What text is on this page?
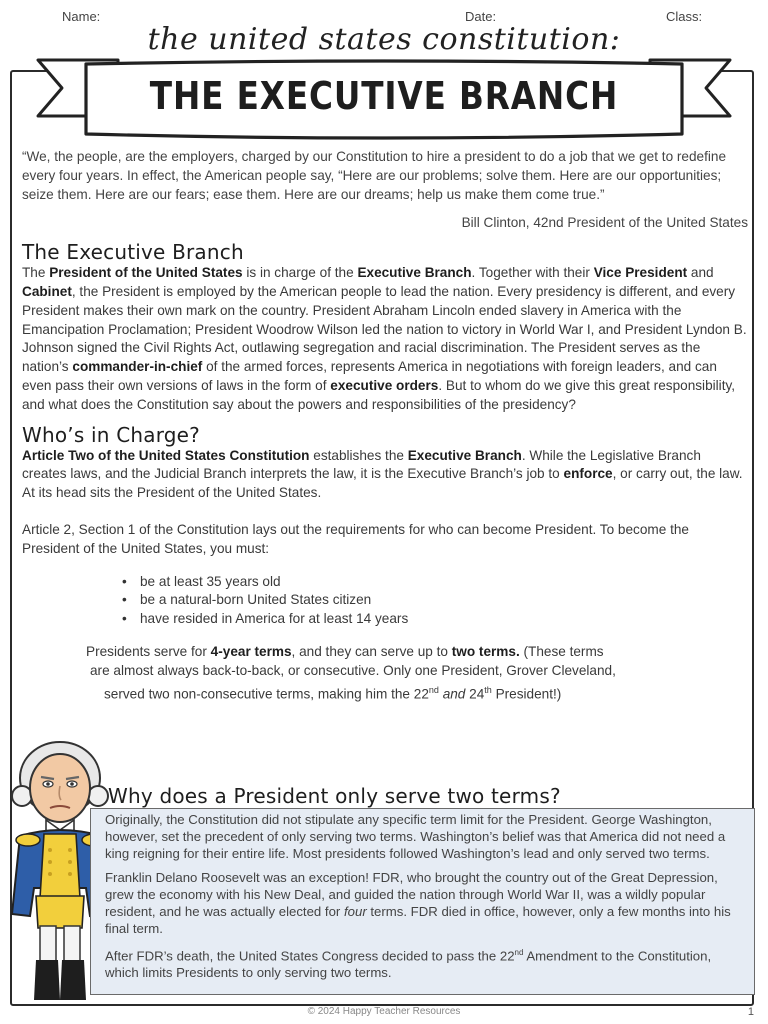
Name:	Date:	Class:
the united states constitution:
THE EXECUTIVE BRANCH

“We, the people, are the employers, charged by our Constitution to hire a president to do a job that we get to redefine every four years. In effect, the American people say, “Here are our problems; solve them. Here are our opportunities; seize them. Here are our fears; ease them. Here are our dreams; help us make them come true.”

Bill Clinton, 42nd President of the United States

The Executive Branch

The President of the United States is in charge of the Executive Branch. Together with their Vice President and Cabinet, the President is employed by the American people to lead the nation. Every presidency is different, and every President makes their own mark on the country. President Abraham Lincoln ended slavery in America with the Emancipation Proclamation; President Woodrow Wilson led the nation to victory in World War I, and President Lyndon B. Johnson signed the Civil Rights Act, outlawing segregation and racial discrimination. The President serves as the nation’s commander-in-chief of the armed forces, represents America in negotiations with foreign leaders, and can even pass their own versions of laws in the form of executive orders. But to whom do we give this great responsibility, and what does the Constitution say about the powers and responsibilities of the presidency?

Who’s in Charge?

Article Two of the United States Constitution establishes the Executive Branch. While the Legislative Branch creates laws, and the Judicial Branch interprets the law, it is the Executive Branch’s job to enforce, or carry out, the law. At its head sits the President of the United States.

Article 2, Section 1 of the Constitution lays out the requirements for who can become President. To become the President of the United States, you must:

• be at least 35 years old
• be a natural-born United States citizen
• have resided in America for at least 14 years

Presidents serve for 4-year terms, and they can serve up to two terms. (These terms

are almost always back-to-back, or consecutive. Only one President, Grover Cleveland,

served two non-consecutive terms, making him the 22nd and 24th President!)

Why does a President only serve two terms?

Originally, the Constitution did not stipulate any specific term limit for the President. George Washington, however, set the precedent of only serving two terms. Washington’s belief was that America did not need a king reigning for their entire life. Most presidents followed Washington’s lead and only served two terms.

Franklin Delano Roosevelt was an exception! FDR, who brought the country out of the Great Depression, grew the economy with his New Deal, and guided the nation through World War II, was a wildly popular resident, and he was actually elected for four terms. FDR died in office, however, only a few months into his final term.

After FDR’s death, the United States Congress decided to pass the 22nd Amendment to the Constitution, which limits Presidents to only serving two terms.

© 2024 Happy Teacher Resources	1
